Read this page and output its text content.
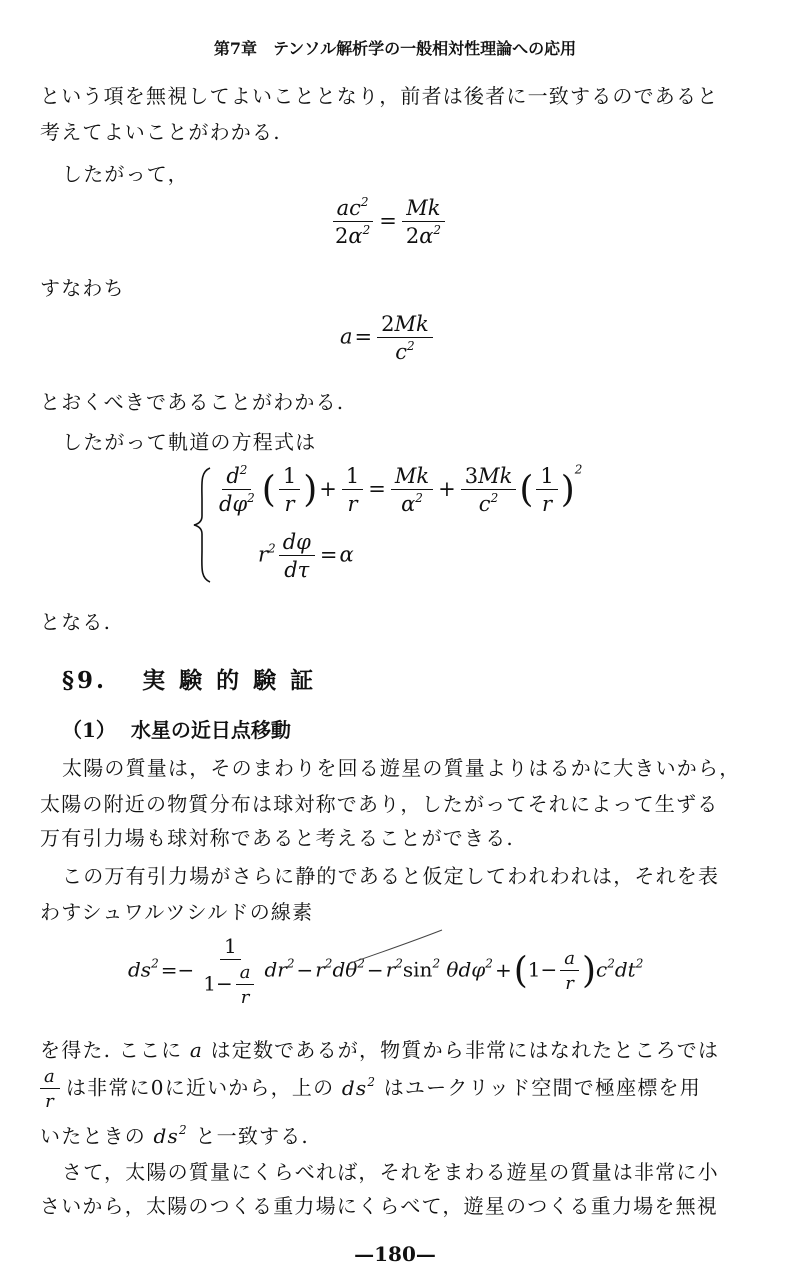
第7章　テンソル解析学の一般相対性理論への応用
という項を無視してよいこととなり，前者は後者に一致するのであると
考えてよいことがわかる.
したがって，
$\frac{ac^2}{2\alpha^2} = \frac{Mk}{2\alpha^2}$
すなわち
$a= \frac{2Mk}{c^2}$
とおくべきであることがわかる.
したがって軌道の方程式は
$\frac{d^2}{d\varphi^2}$ ( $\frac{1}{r}$ )+ $\frac{1}{r} = \frac{Mk}{\alpha^2} + \frac{3Mk}{c^2}$ ( $\frac{1}{r} )^2$
$r^2 \frac{d\varphi}{d\tau} =\alpha$
となる.
§9. 実 験 的 験 証
（1） 水星の近日点移動
太陽の質量は，そのまわりを回る遊星の質量よりはるかに大きいから，
太陽の附近の物質分布は球対称であり，したがってそれによって生ずる
万有引力場も球対称であると考えることができる.
この万有引力場がさらに静的であると仮定してわれわれは，それを表
わすシュワルツシルドの線素
$ds^2 =- \frac{1}{1- \frac{a}{r}} dr^2 - r^2d\theta^2 - r^2\sin^2$ $\theta d\varphi^2 +(1- \frac{a}{r} )c^2dt^2$
を得た. ここに a は定数であるが，物質から非常にはなれたところでは
$\frac{a}{r}$ は非常に0に近いから，上の $ds^2$ はユークリッド空間で極座標を用
いたときの $ds^2$ と一致する.
さて，太陽の質量にくらべれば，それをまわる遊星の質量は非常に小
さいから，太陽のつくる重力場にくらべて，遊星のつくる重力場を無視
—180—
